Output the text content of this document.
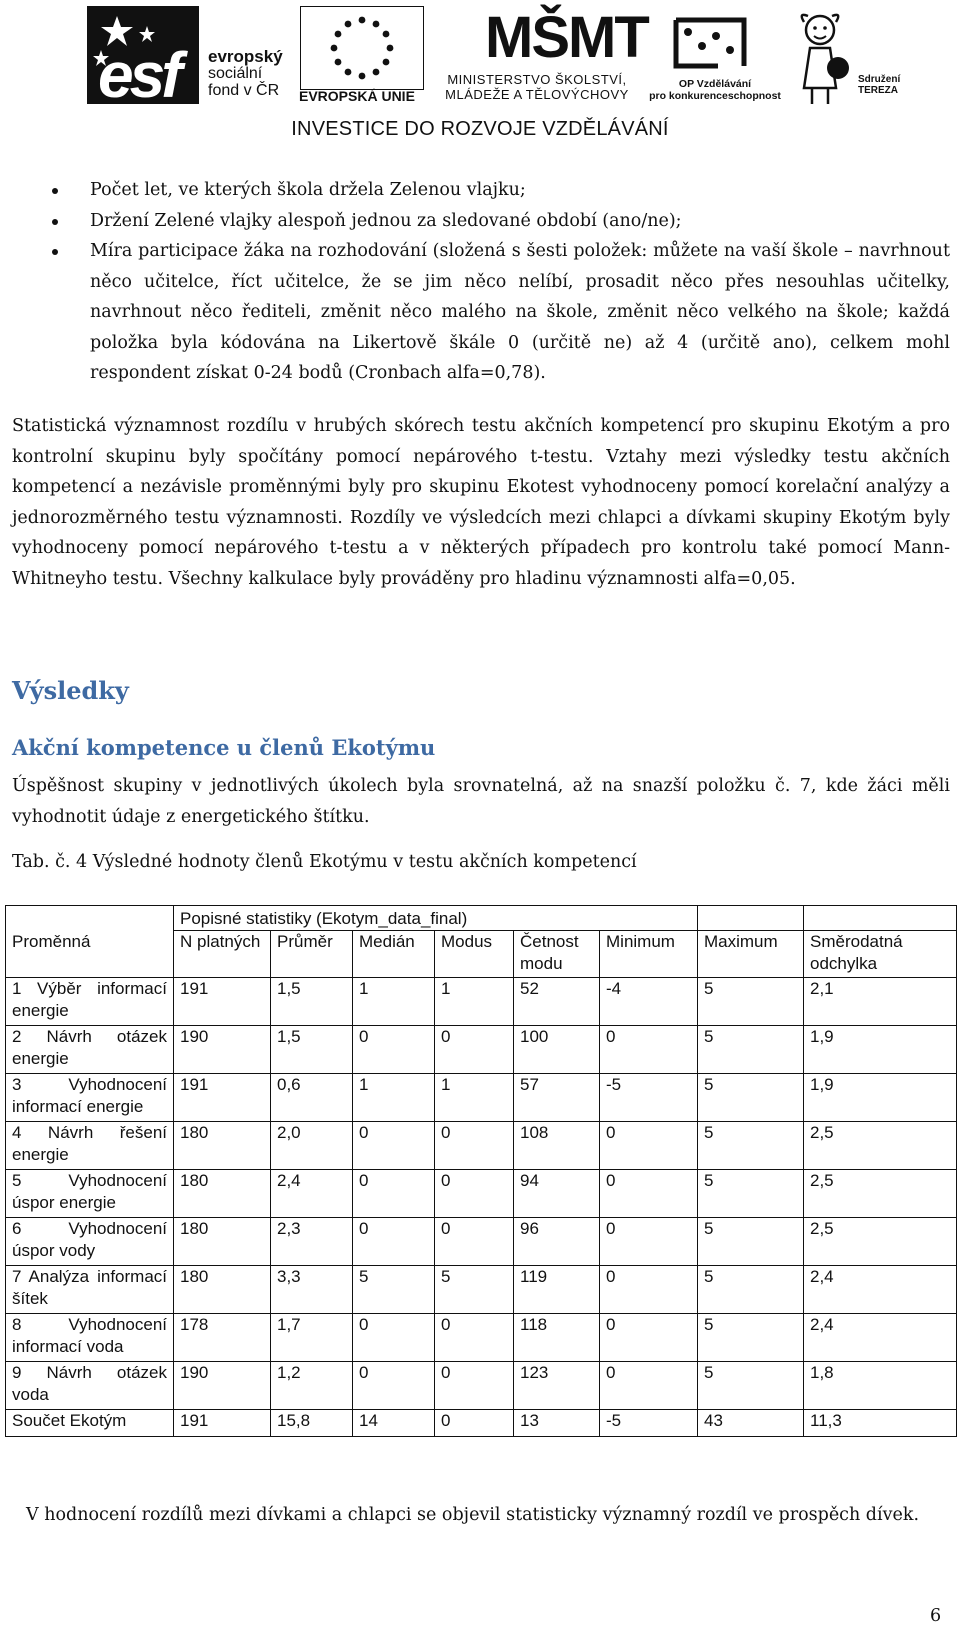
esf evropský
sociální
fond v ČR EVROPSKÁ UNIE
MŠMT
MINISTERSTVO ŠKOLSTVÍ,
MLÁDEŽE A TĚLOVÝCHOVY
OP Vzdělávání
pro konkurenceschopnost
Sdružení
TEREZA
INVESTICE DO ROZVOJE VZDĚLÁVÁNÍ
Počet let, ve kterých škola držela Zelenou vlajku;
Držení Zelené vlajky alespoň jednou za sledované období (ano/ne);
Míra participace žáka na rozhodování (složená s šesti položek: můžete na vaší škole – navrhnout něco učitelce, říct učitelce, že se jim něco nelíbí, prosadit něco přes nesouhlas učitelky, navrhnout něco řediteli, změnit něco malého na škole, změnit něco velkého na škole; každá položka byla kódována na Likertově škále 0 (určitě ne) až 4 (určitě ano), celkem mohl respondent získat 0-24 bodů (Cronbach alfa=0,78).

Statistická významnost rozdílu v hrubých skórech testu akčních kompetencí pro skupinu Ekotým a pro kontrolní skupinu byly spočítány pomocí nepárového t-testu. Vztahy mezi výsledky testu akčních kompetencí a nezávisle proměnnými byly pro skupinu Ekotest vyhodnoceny pomocí korelační analýzy a jednorozměrného testu významnosti. Rozdíly ve výsledcích mezi chlapci a dívkami skupiny Ekotým byly vyhodnoceny pomocí nepárového t-testu a v některých případech pro kontrolu také pomocí Mann-Whitneyho testu. Všechny kalkulace byly prováděny pro hladinu významnosti alfa=0,05.

Výsledky
Akční kompetence u členů Ekotýmu

Úspěšnost skupiny v jednotlivých úkolech byla srovnatelná, až na snazší položku č. 7, kde žáci měli vyhodnotit údaje z energetického štítku.

Tab. č. 4 Výsledné hodnoty členů Ekotýmu v testu akčních kompetencí

Proměnná	Popisné statistiky (Ekotym_data_final)							
	N platných	Průměr	Medián	Modus	Četnost modu	Minimum	Maximum	Směrodatná odchylka
1 Výběr informací energie	191	1,5	1	1	52	-4	5	2,1
2 Návrh otázek energie	190	1,5	0	0	100	0	5	1,9
3 Vyhodnocení informací energie	191	0,6	1	1	57	-5	5	1,9
4 Návrh řešení energie	180	2,0	0	0	108	0	5	2,5
5 Vyhodnocení úspor energie	180	2,4	0	0	94	0	5	2,5
6 Vyhodnocení úspor vody	180	2,3	0	0	96	0	5	2,5
7 Analýza informací šítek	180	3,3	5	5	119	0	5	2,4
8 Vyhodnocení informací voda	178	1,7	0	0	118	0	5	2,4
9 Návrh otázek voda	190	1,2	0	0	123	0	5	1,8
Součet Ekotým	191	15,8	14	0	13	-5	43	11,3

V hodnocení rozdílů mezi dívkami a chlapci se objevil statisticky významný rozdíl ve prospěch dívek.

6
